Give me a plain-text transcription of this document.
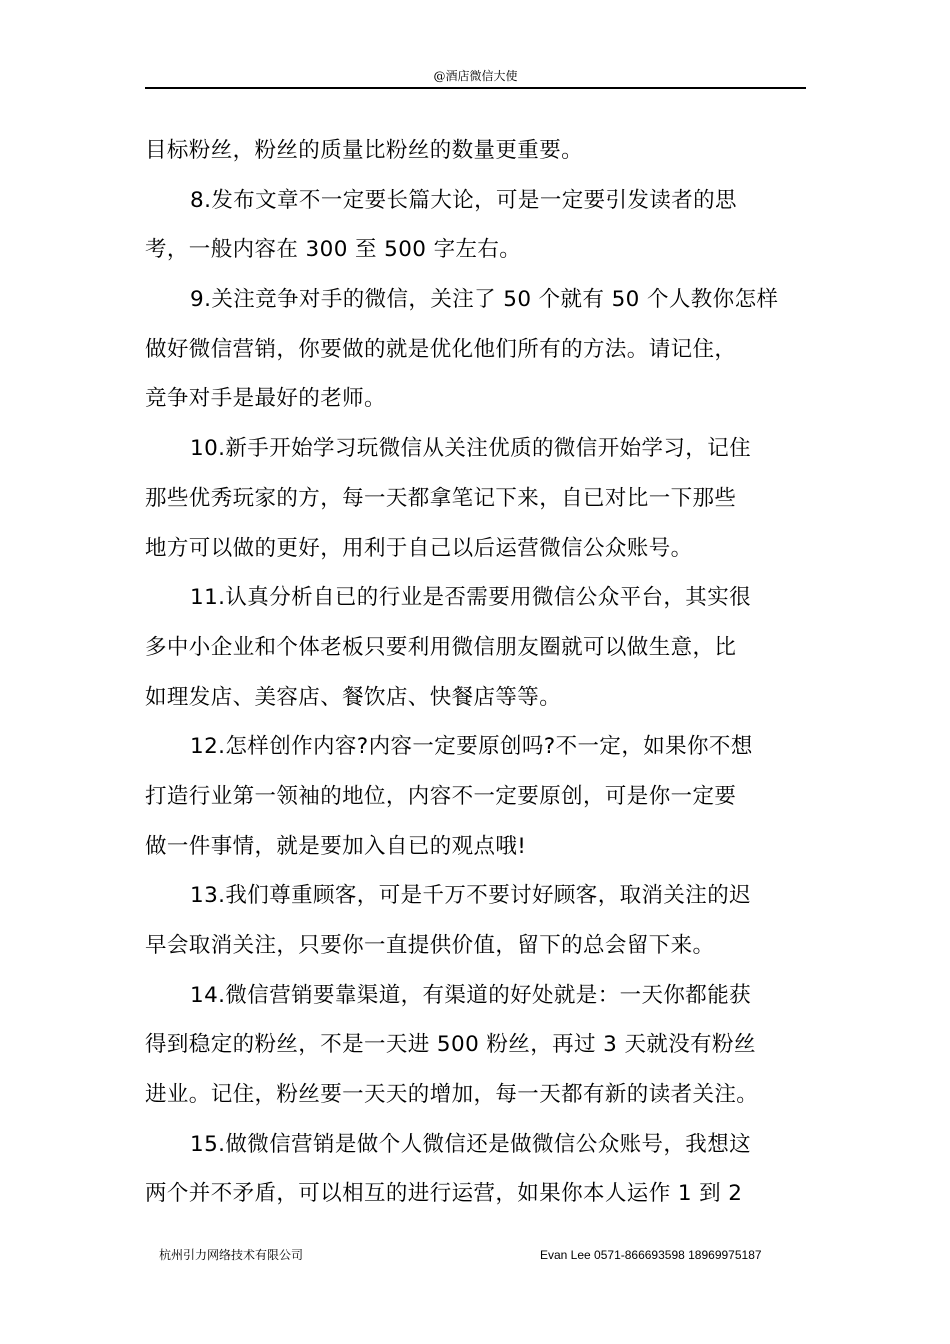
@酒店微信大使

目标粉丝，粉丝的质量比粉丝的数量更重要。

8.发布文章不一定要长篇大论，可是一定要引发读者的思
考，一般内容在 300 至 500 字左右。

9.关注竞争对手的微信，关注了 50 个就有 50 个人教你怎样
做好微信营销，你要做的就是优化他们所有的方法。请记住，
竞争对手是最好的老师。

10.新手开始学习玩微信从关注优质的微信开始学习，记住
那些优秀玩家的方，每一天都拿笔记下来，自已对比一下那些
地方可以做的更好，用利于自己以后运营微信公众账号。

11.认真分析自已的行业是否需要用微信公众平台，其实很
多中小企业和个体老板只要利用微信朋友圈就可以做生意，比
如理发店、美容店、餐饮店、快餐店等等。

12.怎样创作内容?内容一定要原创吗?不一定，如果你不想
打造行业第一领袖的地位，内容不一定要原创，可是你一定要
做一件事情，就是要加入自已的观点哦!

13.我们尊重顾客，可是千万不要讨好顾客，取消关注的迟
早会取消关注，只要你一直提供价值，留下的总会留下来。

14.微信营销要靠渠道，有渠道的好处就是：一天你都能获
得到稳定的粉丝，不是一天进 500 粉丝，再过 3 天就没有粉丝
进业。记住，粉丝要一天天的增加，每一天都有新的读者关注。

15.做微信营销是做个人微信还是做微信公众账号，我想这
两个并不矛盾，可以相互的进行运营，如果你本人运作 1 到 2

杭州引力网络技术有限公司	Evan Lee 0571-866693598 18969975187
